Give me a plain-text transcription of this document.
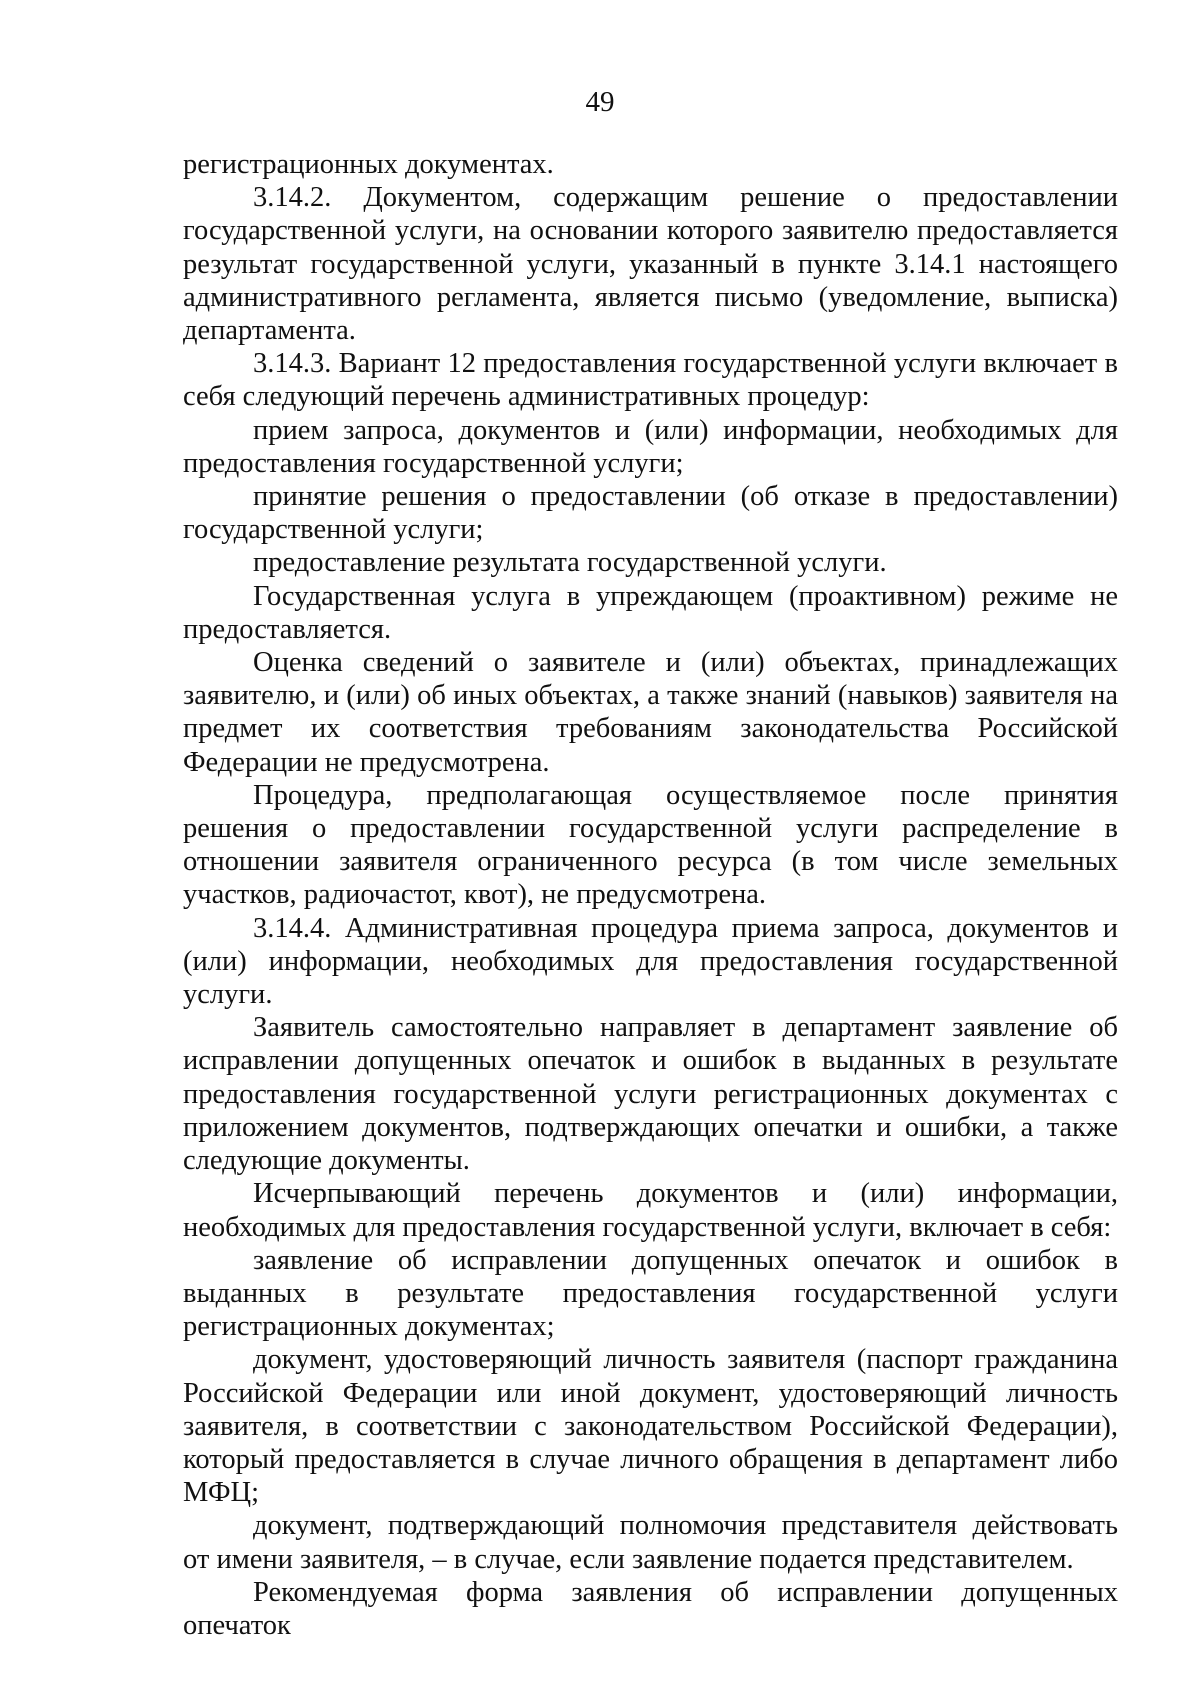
49

регистрационных документах.

3.14.2. Документом, содержащим решение о предоставлении государственной услуги, на основании которого заявителю предоставляется результат государственной услуги, указанный в пункте 3.14.1 настоящего административного регламента, является письмо (уведомление, выписка) департамента.

3.14.3. Вариант 12 предоставления государственной услуги включает в себя следующий перечень административных процедур:

прием запроса, документов и (или) информации, необходимых для предоставления государственной услуги;

принятие решения о предоставлении (об отказе в предоставлении) государственной услуги;

предоставление результата государственной услуги.

Государственная услуга в упреждающем (проактивном) режиме не предоставляется.

Оценка сведений о заявителе и (или) объектах, принадлежащих заявителю, и (или) об иных объектах, а также знаний (навыков) заявителя на предмет их соответствия требованиям законодательства Российской Федерации не предусмотрена.

Процедура, предполагающая осуществляемое после принятия решения о предоставлении государственной услуги распределение в отношении заявителя ограниченного ресурса (в том числе земельных участков, радиочастот, квот), не предусмотрена.

3.14.4. Административная процедура приема запроса, документов и (или) информации, необходимых для предоставления государственной услуги.

Заявитель самостоятельно направляет в департамент заявление об исправлении допущенных опечаток и ошибок в выданных в результате предоставления государственной услуги регистрационных документах с приложением документов, подтверждающих опечатки и ошибки, а также следующие документы.

Исчерпывающий перечень документов и (или) информации, необходимых для предоставления государственной услуги, включает в себя:

заявление об исправлении допущенных опечаток и ошибок в выданных в результате предоставления государственной услуги регистрационных документах;

документ, удостоверяющий личность заявителя (паспорт гражданина Российской Федерации или иной документ, удостоверяющий личность заявителя, в соответствии с законодательством Российской Федерации), который предоставляется в случае личного обращения в департамент либо МФЦ;

документ, подтверждающий полномочия представителя действовать от имени заявителя, – в случае, если заявление подается представителем.

Рекомендуемая форма заявления об исправлении допущенных опечаток
